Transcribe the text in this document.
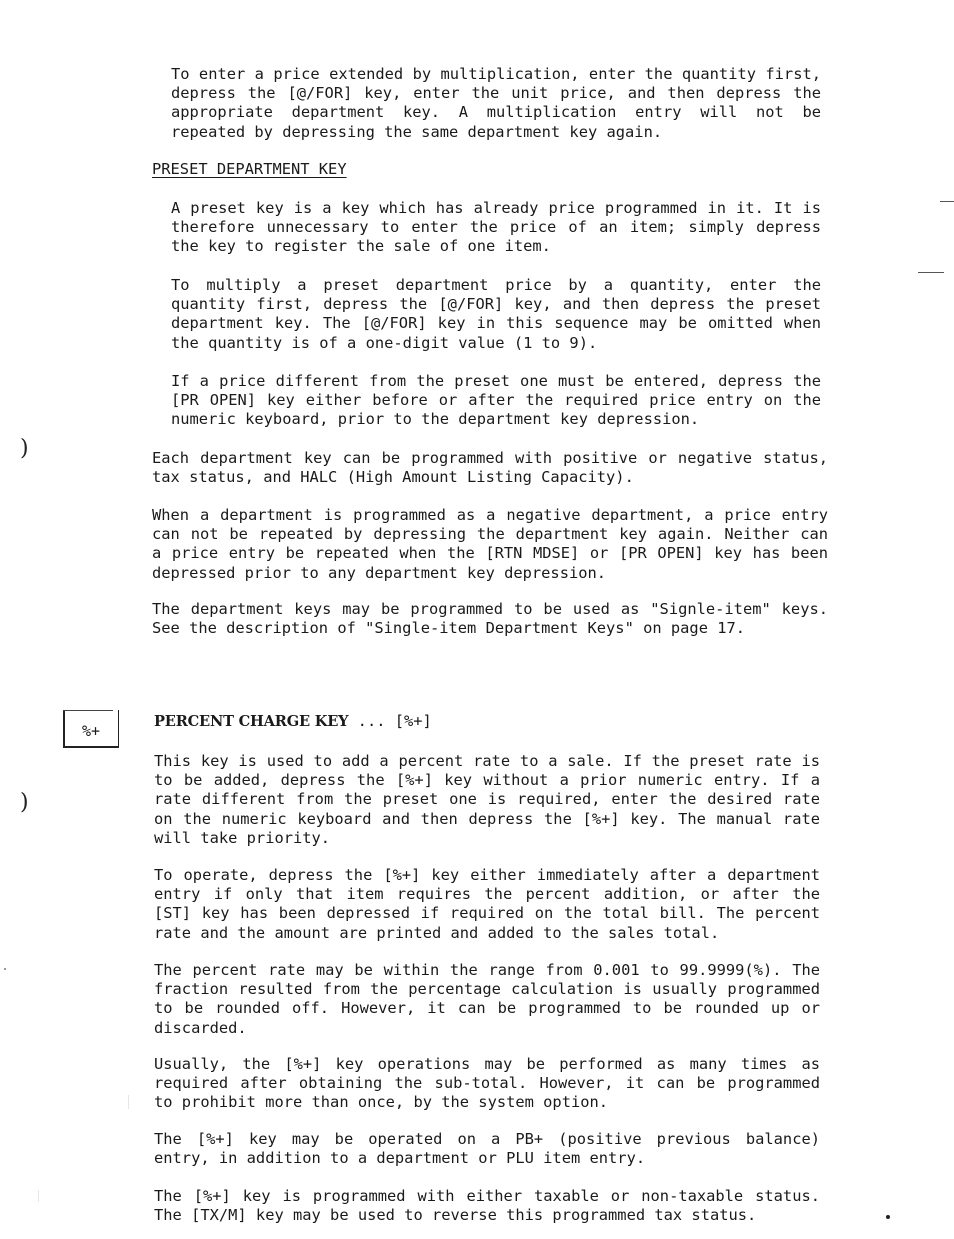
)
)

To enter a price extended by multiplication, enter the quantity first, depress the [@/FOR] key, enter the unit price, and then depress the appropriate department key. A multiplication entry will not be repeated by depressing the same department key again.

PRESET DEPARTMENT KEY

A preset key is a key which has already price programmed in it. It is therefore unnecessary to enter the price of an item; simply depress the key to register the sale of one item.

To multiply a preset department price by a quantity, enter the quantity first, depress the [@/FOR] key, and then depress the preset department key. The [@/FOR] key in this sequence may be omitted when the quantity is of a one-digit value (1 to 9).

If a price different from the preset one must be entered, depress the [PR OPEN] key either before or after the required price entry on the numeric keyboard, prior to the department key depression.

Each department key can be programmed with positive or negative status, tax status, and HALC (High Amount Listing Capacity).

When a department is programmed as a negative department, a price entry can not be repeated by depressing the department key again. Neither can a price entry be repeated when the [RTN MDSE] or [PR OPEN] key has been depressed prior to any department key depression.

The department keys may be programmed to be used as "Signle-item" keys. See the description of "Single-item Department Keys" on page 17.

%+

PERCENT CHARGE KEY ... [%+]

This key is used to add a percent rate to a sale. If the preset rate is to be added, depress the [%+] key without a prior numeric entry. If a rate different from the preset one is required, enter the desired rate on the numeric keyboard and then depress the [%+] key. The manual rate will take priority.

To operate, depress the [%+] key either immediately after a department entry if only that item requires the percent addition, or after the [ST] key has been depressed if required on the total bill. The percent rate and the amount are printed and added to the sales total.

The percent rate may be within the range from 0.001 to 99.9999(%). The fraction resulted from the percentage calculation is usually programmed to be rounded off. However, it can be programmed to be rounded up or discarded.

Usually, the [%+] key operations may be performed as many times as required after obtaining the sub-total. However, it can be programmed to prohibit more than once, by the system option.

The [%+] key may be operated on a PB+ (positive previous balance) entry, in addition to a department or PLU item entry.

The [%+] key is programmed with either taxable or non-taxable status. The [TX/M] key may be used to reverse this programmed tax status.
